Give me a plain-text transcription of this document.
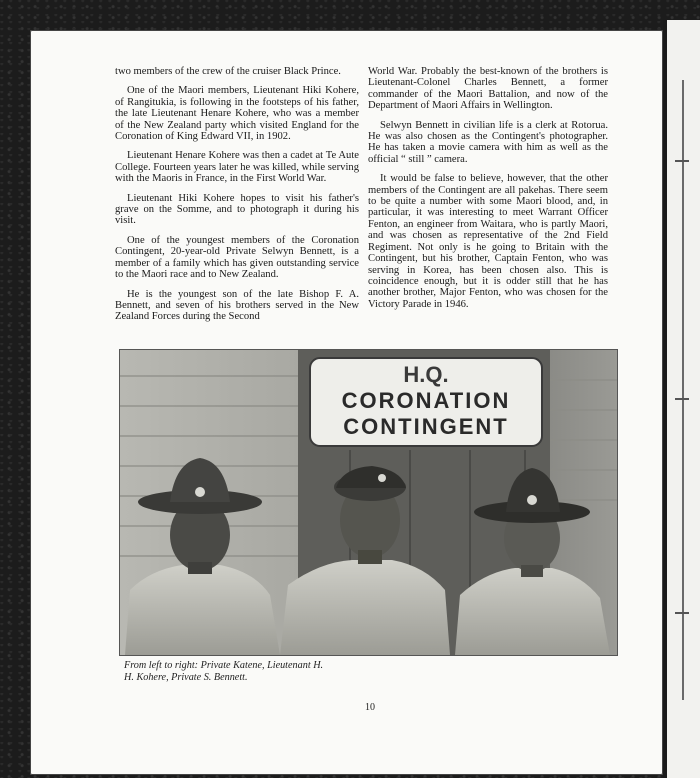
two members of the crew of the cruiser Black Prince.

One of the Maori members, Lieutenant Hiki Kohere, of Rangitukia, is following in the footsteps of his father, the late Lieutenant Henare Kohere, who was a member of the New Zealand party which visited England for the Coronation of King Edward VII, in 1902.

Lieutenant Henare Kohere was then a cadet at Te Aute College. Fourteen years later he was killed, while serving with the Maoris in France, in the First World War.

Lieutenant Hiki Kohere hopes to visit his father's grave on the Somme, and to photograph it during his visit.

One of the youngest members of the Coronation Contingent, 20-year-old Private Selwyn Bennett, is a member of a family which has given outstanding service to the Maori race and to New Zealand.

He is the youngest son of the late Bishop F. A. Bennett, and seven of his brothers served in the New Zealand Forces during the Second

World War. Probably the best-known of the brothers is Lieutenant-Colonel Charles Bennett, a former commander of the Maori Battalion, and now of the Department of Maori Affairs in Wellington.

Selwyn Bennett in civilian life is a clerk at Rotorua. He was also chosen as the Contingent's photographer. He has taken a movie camera with him as well as the official “ still ” camera.

It would be false to believe, however, that the other members of the Contingent are all pakehas. There seem to be quite a number with some Maori blood, and, in particular, it was interesting to meet Warrant Officer Fenton, an engineer from Waitara, who is partly Maori, and was chosen as representative of the 2nd Field Regiment. Not only is he going to Britain with the Contingent, but his brother, Captain Fenton, who was serving in Korea, has been chosen also. This is coincidence enough, but it is odder still that he has another brother, Major Fenton, who was chosen for the Victory Parade in 1946.

H.Q.
CORONATION
CONTINGENT
From left to right: Private Katene, Lieutenant H. H. Kohere, Private S. Bennett.
10
